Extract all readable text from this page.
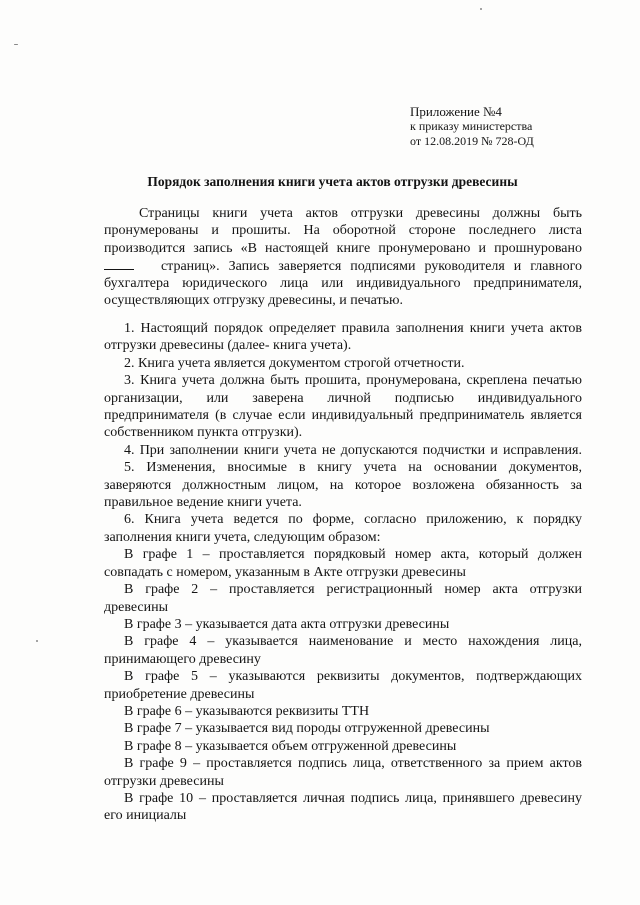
Приложение №4
к приказу министерства
от 12.08.2019 № 728-ОД
Порядок заполнения книги учета актов отгрузки древесины
Страницы книги учета актов отгрузки древесины должны быть
пронумерованы и прошиты. На оборотной стороне последнего листа
производится запись «В настоящей книге пронумеровано и прошнуровано
страниц». Запись заверяется подписями руководителя и главного
бухгалтера юридического лица или индивидуального предпринимателя,
осуществляющих отгрузку древесины, и печатью.
1. Настоящий порядок определяет правила заполнения книги учета актов
отгрузки древесины (далее- книга учета).
2. Книга учета является документом строгой отчетности.
3. Книга учета должна быть прошита, пронумерована, скреплена печатью
организации, или заверена личной подписью индивидуального
предпринимателя (в случае если индивидуальный предприниматель является
собственником пункта отгрузки).
4. При заполнении книги учета не допускаются подчистки и исправления.
5. Изменения, вносимые в книгу учета на основании документов,
заверяются должностным лицом, на которое возложена обязанность за
правильное ведение книги учета.
6. Книга учета ведется по форме, согласно приложению, к порядку
заполнения книги учета, следующим образом:
В графе 1 – проставляется порядковый номер акта, который должен
совпадать с номером, указанным в Акте отгрузки древесины
В графе 2 – проставляется регистрационный номер акта отгрузки
древесины
В графе 3 – указывается дата акта отгрузки древесины
В графе 4 – указывается наименование и место нахождения лица,
принимающего древесину
В графе 5 – указываются реквизиты документов, подтверждающих
приобретение древесины
В графе 6 – указываются реквизиты ТТН
В графе 7 – указывается вид породы отгруженной древесины
В графе 8 – указывается объем отгруженной древесины
В графе 9 – проставляется подпись лица, ответственного за прием актов
отгрузки древесины
В графе 10 – проставляется личная подпись лица, принявшего древесину
его инициалы
